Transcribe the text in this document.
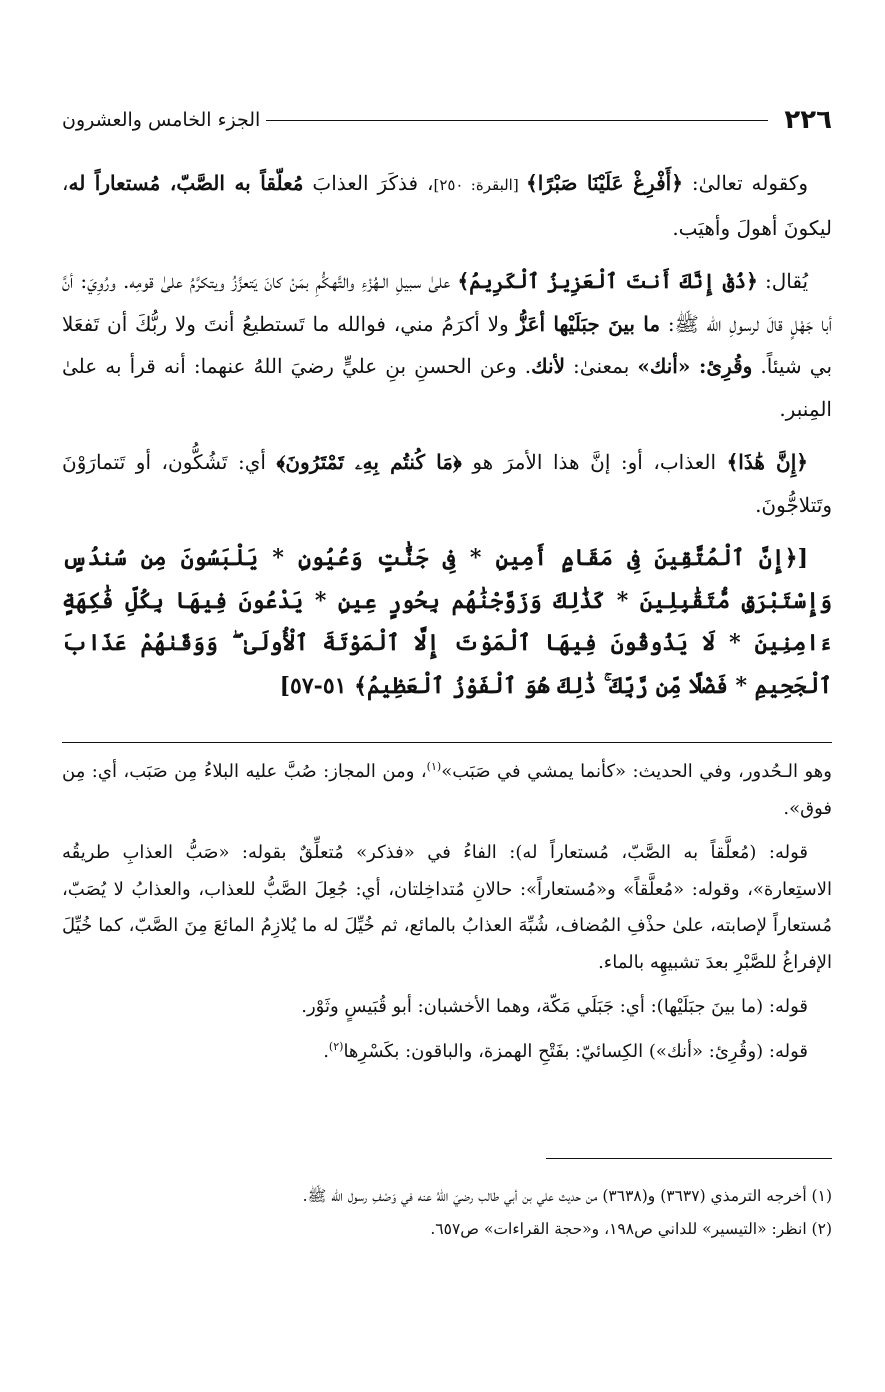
٢٢٦
الجزء الخامس والعشرون

وكقوله تعالىٰ: ﴿أَفْرِغْ عَلَيْنَا صَبْرًا﴾ [البقرة: ٢٥٠]، فذكَرَ العذابَ مُعلّقاً به الصَّبّ، مُستعاراً له، ليكونَ أهولَ وأهيَب.

يُقال: ﴿ذُقْ إِنَّكَ أَنتَ ٱلْعَزِيزُ ٱلْكَرِيمُ﴾ علىٰ سبيلِ الـهُزْءِ والتَّهكُّمِ بمَنْ كانَ يَتعزَّزُ ويتكرَّمُ علىٰ قومِه. ورُوِيَ: أنَّ أبا جَهْلٍ قالَ لرسولِ الله ﷺ: ما بينَ جبَلَيْها أعَزُّ ولا أكرَمُ مني، فوالله ما تَستطيعُ أنتَ ولا ربُّكَ أن تَفعَلا بي شيئاً. وقُرِئ: «أنك» بمعنىٰ: لأنك. وعن الحسنِ بنِ عليٍّ رضيَ اللهُ عنهما: أنه قرأ به علىٰ المِنبر.

﴿إِنَّ هَٰذَا﴾ العذاب، أو: إنَّ هذا الأمرَ هو ﴿مَا كُنتُم بِهِۦ تَمْتَرُونَ﴾ أي: تَشُكُّون، أو تَتمارَوْنَ وتَتلاجُّونَ.

[﴿إِنَّ ٱلْمُتَّقِينَ فِى مَقَامٍ أَمِينٍ * فِى جَنَّٰتٍ وَعُيُونٍ * يَلْبَسُونَ مِن سُندُسٍ وَإِسْتَبْرَقٍ مُّتَقَٰبِلِينَ * كَذَٰلِكَ وَزَوَّجْنَٰهُم بِحُورٍ عِينٍ * يَدْعُونَ فِيهَا بِكُلِّ فَٰكِهَةٍ ءَامِنِينَ * لَا يَذُوقُونَ فِيهَا ٱلْمَوْتَ إِلَّا ٱلْمَوْتَةَ ٱلْأُولَىٰ ۖ وَوَقَىٰهُمْ عَذَابَ ٱلْجَحِيمِ * فَضْلًا مِّن رَّبِّكَ ۚ ذَٰلِكَ هُوَ ٱلْفَوْزُ ٱلْعَظِيمُ﴾ ٥١-٥٧]

وهو الـحُدور، وفي الحديث: «كأنما يمشي في صَبَب»$^{(١)}$، ومن المجاز: صُبَّ عليه البلاءُ مِن صَبَب، أي: مِن فوق».

قوله: (مُعلَّقاً به الصَّبّ، مُستعاراً له): الفاءُ في «فذكر» مُتعلِّقٌ بقوله: «صَبُّ العذابِ طريقُه الاستِعارة»، وقوله: «مُعلَّقاً» و«مُستعاراً»: حالانِ مُتداخِلتان، أي: جُعِلَ الصَّبُّ للعذاب، والعذابُ لا يُصَبّ، مُستعاراً لإصابته، علىٰ حذْفِ المُضاف، شُبِّهَ العذابُ بالمائع، ثم خُيِّلَ له ما يُلازِمُ المائعَ مِنَ الصَّبّ، كما خُيِّلَ الإفراغُ للصَّبْرِ بعدَ تشبيهِه بالماء.

قوله: (ما بينَ جبَلَيْها): أي: جَبَلَي مَكّة، وهما الأخشبان: أبو قُبَيسٍ وثَوْر.

قوله: (وقُرِئ: «أنك») الكِسائيّ: بفَتْحِ الهمزة، والباقون: بكَسْرِها$^{(٢)}$.

(١) أخرجه الترمذي (٣٦٣٧) و(٣٦٣٨) من حديث علي بن أبي طالب رضيَ اللهُ عنه في وَصْفِ رسول الله ﷺ.

(٢) انظر: «التيسير» للداني ص١٩٨، و«حجة القراءات» ص٦٥٧.
